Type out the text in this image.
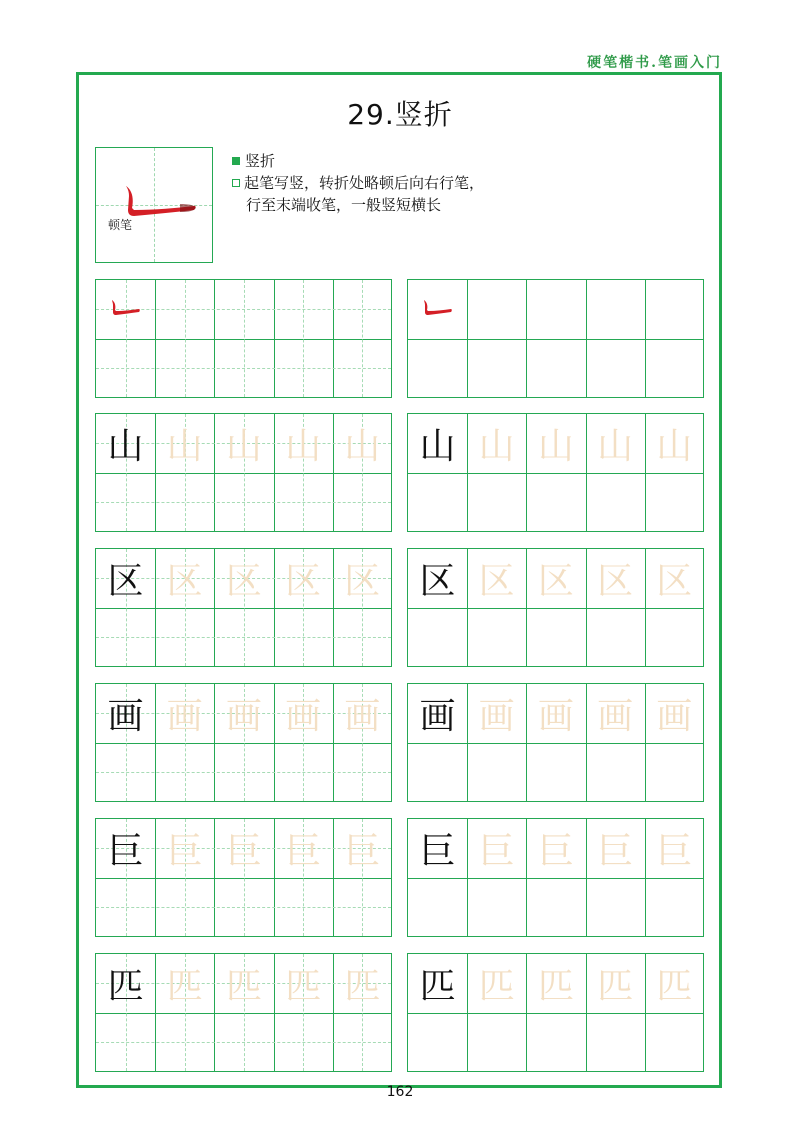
硬笔楷书.笔画入门
29.竖折
顿笔
竖折
起笔写竖，转折处略顿后向右行笔，
行至末端收笔，一般竖短横长
山 山 山 山 山	山 山 山 山 山
区 区 区 区 区	区 区 区 区 区
画 画 画 画 画	画 画 画 画 画
巨 巨 巨 巨 巨	巨 巨 巨 巨 巨
匹 匹 匹 匹 匹	匹 匹 匹 匹 匹
162
